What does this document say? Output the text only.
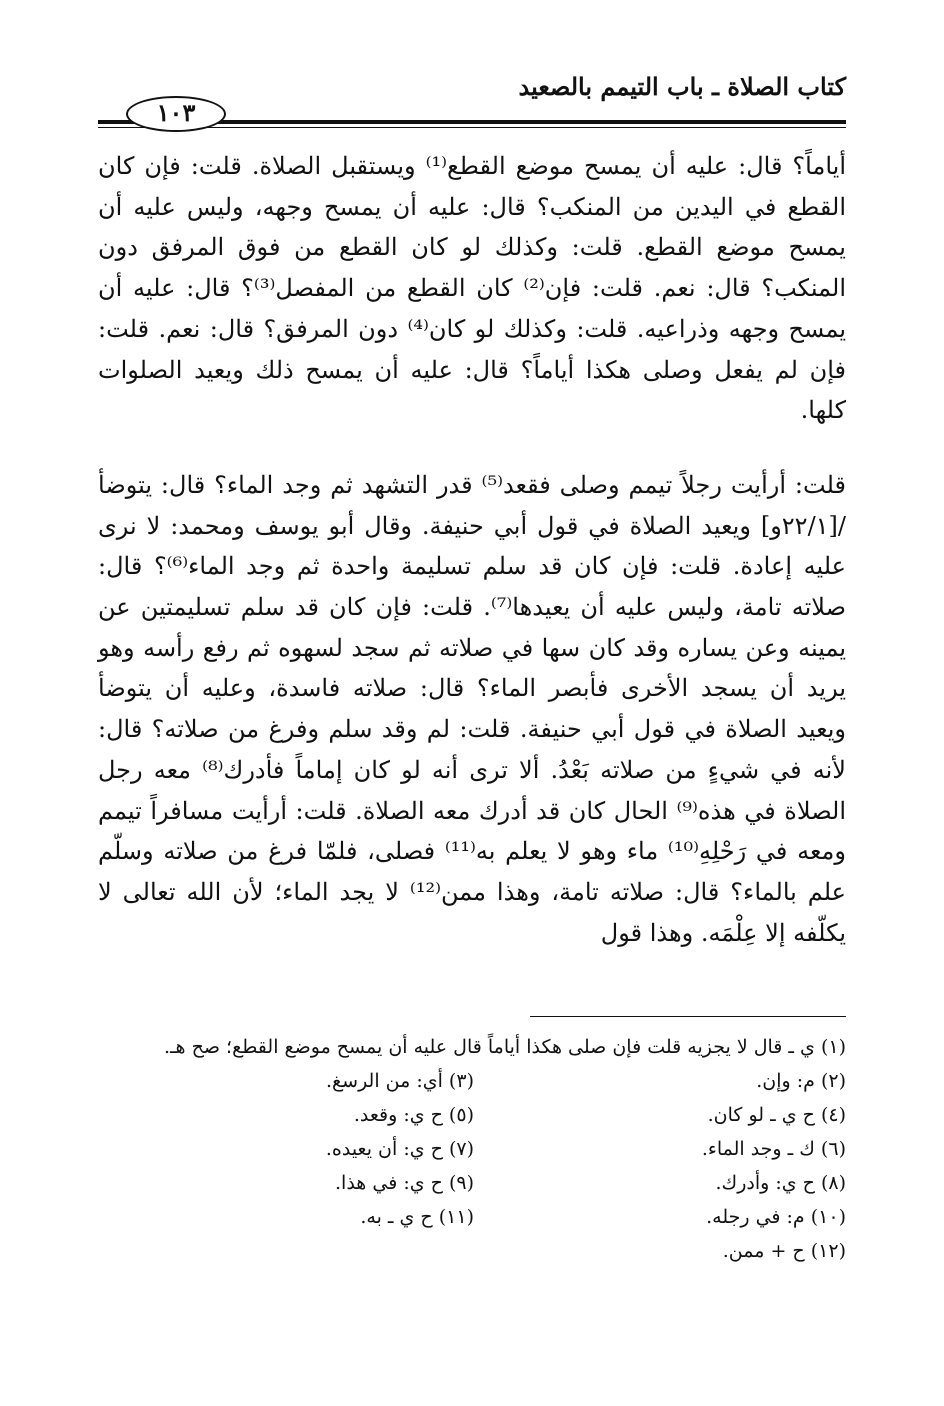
كتاب الصلاة ـ باب التيمم بالصعيد
١٠٣

أياماً؟ قال: عليه أن يمسح موضع القطع⁽¹⁾ ويستقبل الصلاة. قلت: فإن كان القطع في اليدين من المنكب؟ قال: عليه أن يمسح وجهه، وليس عليه أن يمسح موضع القطع. قلت: وكذلك لو كان القطع من فوق المرفق دون المنكب؟ قال: نعم. قلت: فإن⁽²⁾ كان القطع من المفصل⁽³⁾؟ قال: عليه أن يمسح وجهه وذراعيه. قلت: وكذلك لو كان⁽⁴⁾ دون المرفق؟ قال: نعم. قلت: فإن لم يفعل وصلى هكذا أياماً؟ قال: عليه أن يمسح ذلك ويعيد الصلوات كلها.

قلت: أرأيت رجلاً تيمم وصلى فقعد⁽⁵⁾ قدر التشهد ثم وجد الماء؟ قال: يتوضأ /[٢٢/١و] ويعيد الصلاة في قول أبي حنيفة. وقال أبو يوسف ومحمد: لا نرى عليه إعادة. قلت: فإن كان قد سلم تسليمة واحدة ثم وجد الماء⁽⁶⁾؟ قال: صلاته تامة، وليس عليه أن يعيدها⁽⁷⁾. قلت: فإن كان قد سلم تسليمتين عن يمينه وعن يساره وقد كان سها في صلاته ثم سجد لسهوه ثم رفع رأسه وهو يريد أن يسجد الأخرى فأبصر الماء؟ قال: صلاته فاسدة، وعليه أن يتوضأ ويعيد الصلاة في قول أبي حنيفة. قلت: لم وقد سلم وفرغ من صلاته؟ قال: لأنه في شيءٍ من صلاته بَعْدُ. ألا ترى أنه لو كان إماماً فأدرك⁽⁸⁾ معه رجل الصلاة في هذه⁽⁹⁾ الحال كان قد أدرك معه الصلاة. قلت: أرأيت مسافراً تيمم ومعه في رَحْلِهِ⁽¹⁰⁾ ماء وهو لا يعلم به⁽¹¹⁾ فصلى، فلمّا فرغ من صلاته وسلّم علم بالماء؟ قال: صلاته تامة، وهذا ممن⁽¹²⁾ لا يجد الماء؛ لأن الله تعالى لا يكلّفه إلا عِلْمَه. وهذا قول

(١) ي ـ قال لا يجزيه قلت فإن صلى هكذا أياماً قال عليه أن يمسح موضع القطع؛ صح هـ.

(٢) م: وإن.
(٣) أي: من الرسغ.
(٤) ح ي ـ لو كان.
(٥) ح ي: وقعد.
(٦) ك ـ وجد الماء.
(٧) ح ي: أن يعيده.
(٨) ح ي: وأدرك.
(٩) ح ي: في هذا.
(١٠) م: في رجله.
(١١) ح ي ـ به.
(١٢) ح + ممن.
